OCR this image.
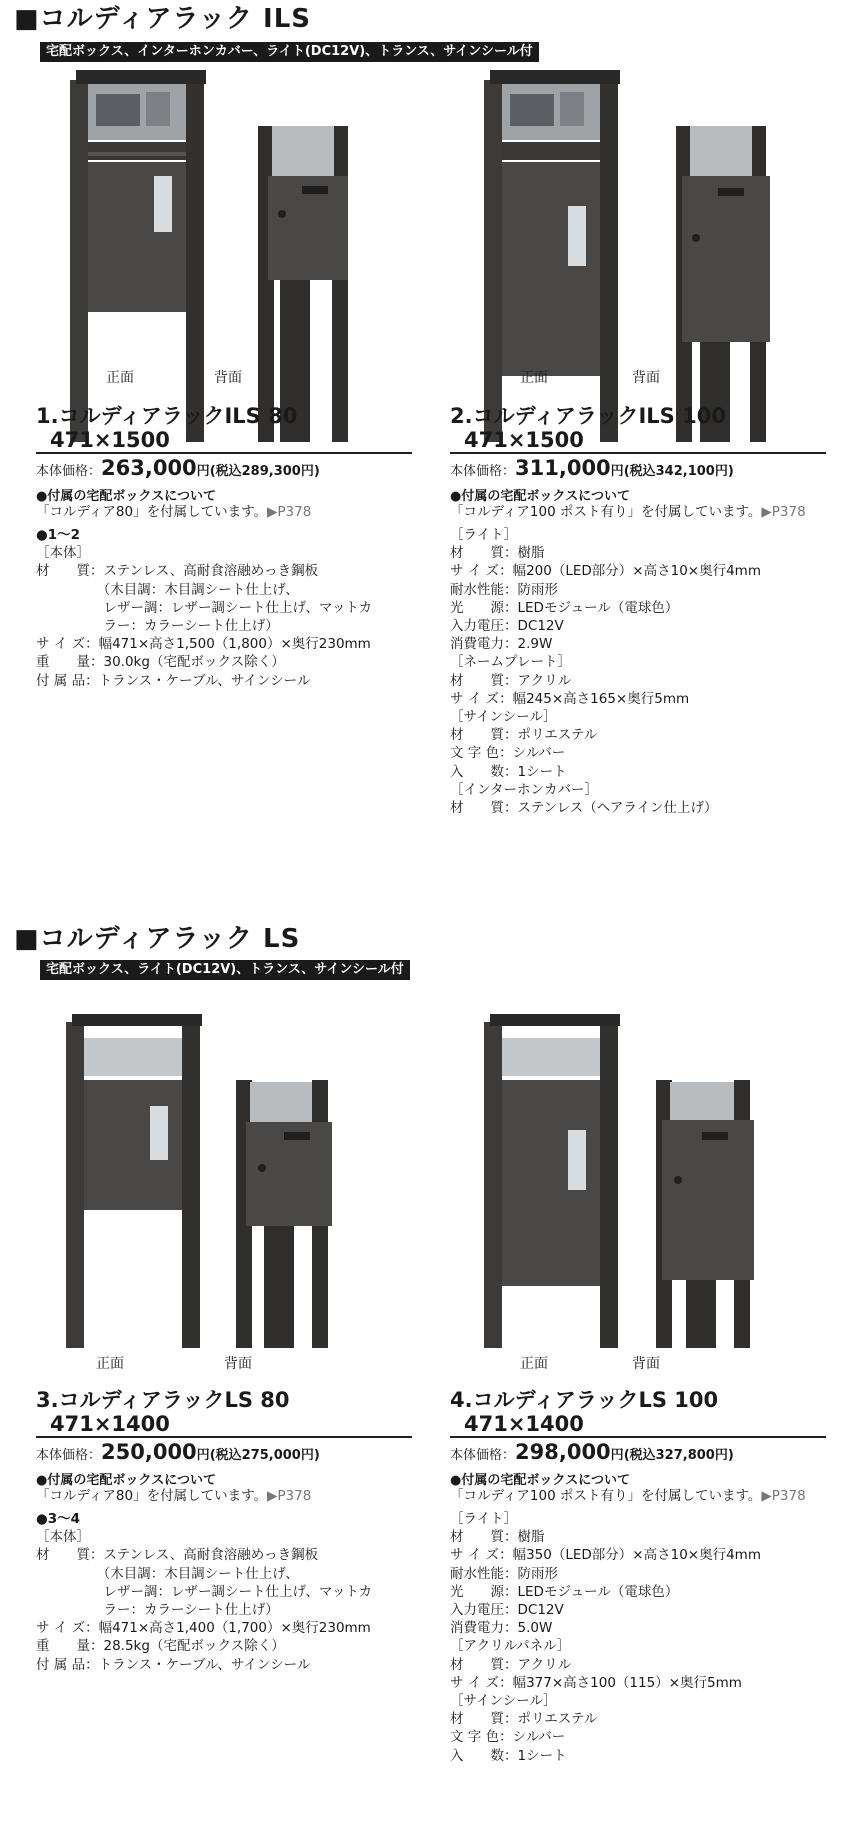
■コルディアラック ILS
宅配ボックス、インターホンカバー、ライト(DC12V)、トランス、サインシール付
正面	背面
1.コルディアラックILS 80
471×1500
本体価格：263,000円(税込289,300円)
●付属の宅配ボックスについて
「コルディア80」を付属しています。▶P378
●1～2
［本体］
材　　質：ステンレス、高耐食溶融めっき鋼板
　　　　　（木目調：木目調シート仕上げ、
　　　　　レザー調：レザー調シート仕上げ、マットカ
　　　　　ラー：カラーシート仕上げ）
サ イ ズ：幅471×高さ1,500（1,800）×奥行230mm
重　　量：30.0kg（宅配ボックス除く）
付 属 品：トランス・ケーブル、サインシール
正面	背面
2.コルディアラックILS 100
471×1500
本体価格：311,000円(税込342,100円)
●付属の宅配ボックスについて
「コルディア100 ポスト有り」を付属しています。▶P378
［ライト］
材　　質：樹脂
サ イ ズ：幅200（LED部分）×高さ10×奥行4mm
耐水性能：防雨形
光　　源：LEDモジュール（電球色）
入力電圧：DC12V
消費電力：2.9W
［ネームプレート］
材　　質：アクリル
サ イ ズ：幅245×高さ165×奥行5mm
［サインシール］
材　　質：ポリエステル
文 字 色：シルバー
入　　数：1シート
［インターホンカバー］
材　　質：ステンレス（ヘアライン仕上げ）
■コルディアラック LS
宅配ボックス、ライト(DC12V)、トランス、サインシール付
正面	背面
3.コルディアラックLS 80
471×1400
本体価格：250,000円(税込275,000円)
●付属の宅配ボックスについて
「コルディア80」を付属しています。▶P378
●3～4
［本体］
材　　質：ステンレス、高耐食溶融めっき鋼板
　　　　　（木目調：木目調シート仕上げ、
　　　　　レザー調：レザー調シート仕上げ、マットカ
　　　　　ラー：カラーシート仕上げ）
サ イ ズ：幅471×高さ1,400（1,700）×奥行230mm
重　　量：28.5kg（宅配ボックス除く）
付 属 品：トランス・ケーブル、サインシール
正面	背面
4.コルディアラックLS 100
471×1400
本体価格：298,000円(税込327,800円)
●付属の宅配ボックスについて
「コルディア100 ポスト有り」を付属しています。▶P378
［ライト］
材　　質：樹脂
サ イ ズ：幅350（LED部分）×高さ10×奥行4mm
耐水性能：防雨形
光　　源：LEDモジュール（電球色）
入力電圧：DC12V
消費電力：5.0W
［アクリルパネル］
材　　質：アクリル
サ イ ズ：幅377×高さ100（115）×奥行5mm
［サインシール］
材　　質：ポリエステル
文 字 色：シルバー
入　　数：1シート
